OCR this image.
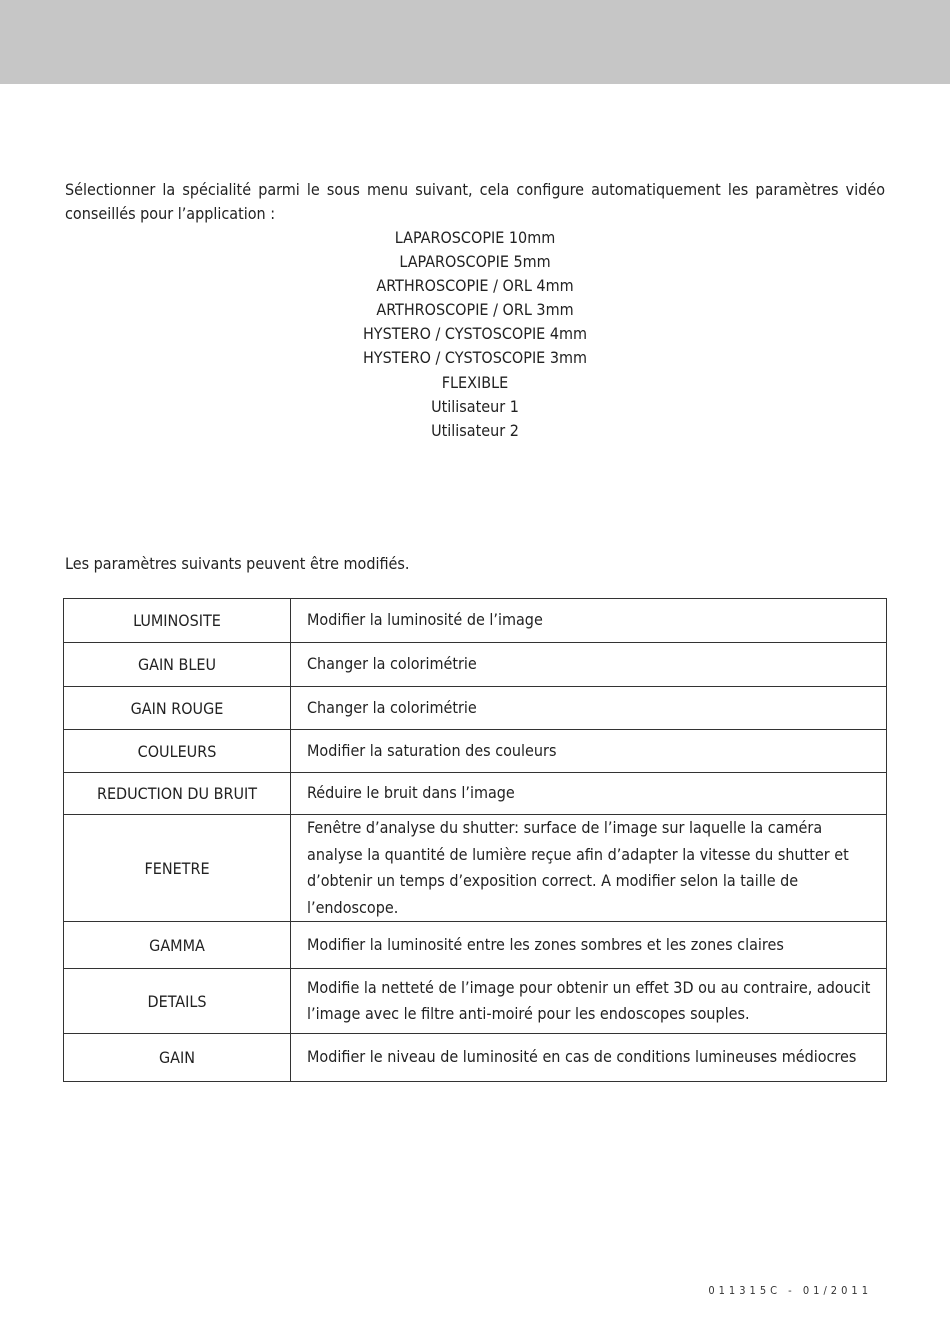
Sélectionner la spécialité parmi le sous menu suivant, cela configure automatiquement les paramètres vidéo conseillés pour l’application :

LAPAROSCOPIE 10mm
LAPAROSCOPIE 5mm
ARTHROSCOPIE / ORL 4mm
ARTHROSCOPIE / ORL 3mm
HYSTERO / CYSTOSCOPIE 4mm
HYSTERO / CYSTOSCOPIE 3mm
FLEXIBLE
Utilisateur 1
Utilisateur 2

Les paramètres suivants peuvent être modifiés.

LUMINOSITE	Modifier la luminosité de l’image
GAIN BLEU	Changer la colorimétrie
GAIN ROUGE	Changer la colorimétrie
COULEURS	Modifier la saturation des couleurs
REDUCTION DU BRUIT	Réduire le bruit dans l’image
FENETRE	Fenêtre d’analyse du shutter: surface de l’image sur laquelle la caméra analyse la quantité de lumière reçue afin d’adapter la vitesse du shutter et d’obtenir un temps d’exposition correct. A modifier selon la taille de l’endoscope.
GAMMA	Modifier la luminosité entre les zones sombres et les zones claires
DETAILS	Modifie la netteté de l’image pour obtenir un effet 3D ou au contraire, adoucit l’image avec le filtre anti-moiré pour les endoscopes souples.
GAIN	Modifier le niveau de luminosité en cas de conditions lumineuses médiocres
011315C - 01/2011
